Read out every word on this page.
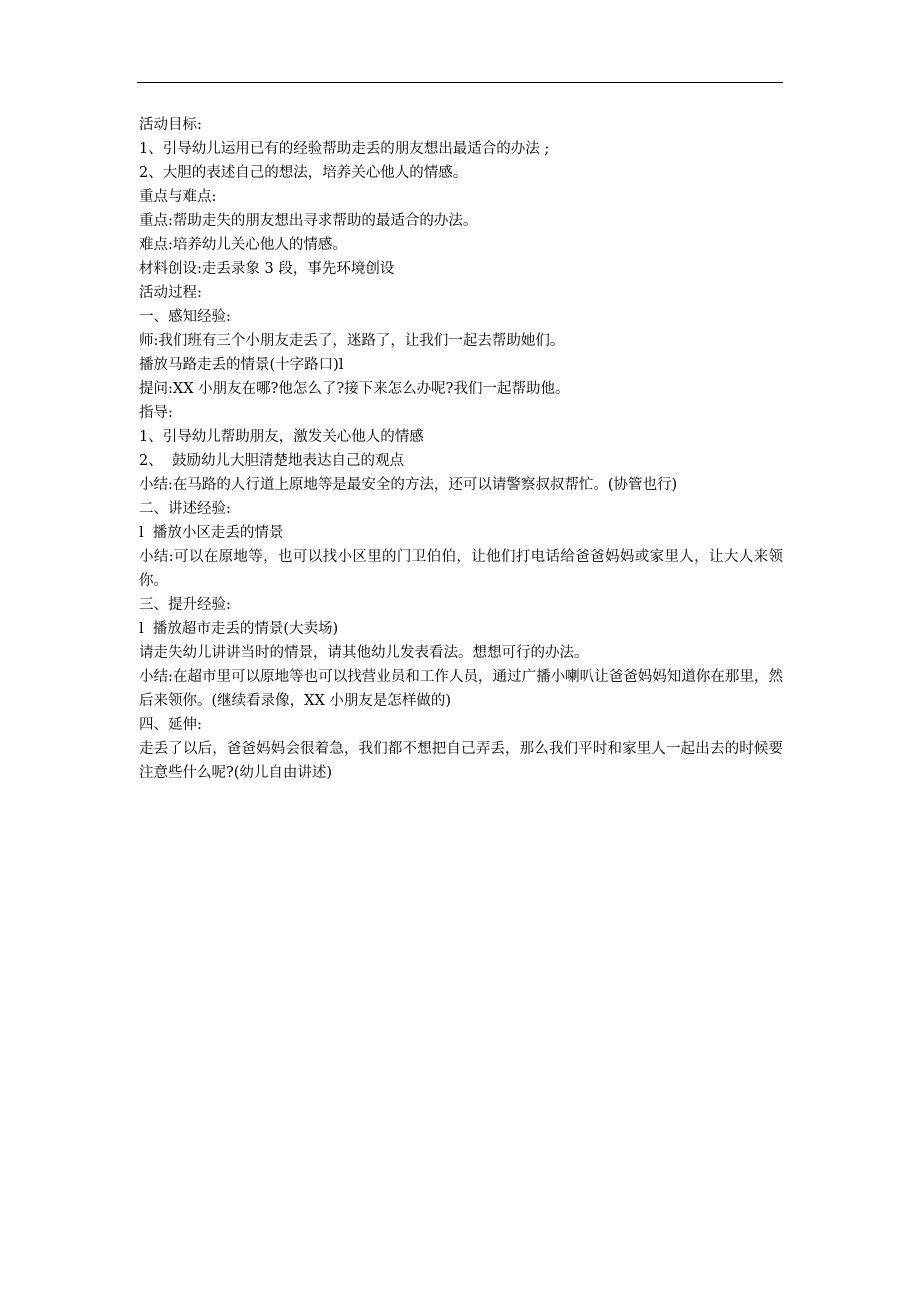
活动目标:
1、引导幼儿运用已有的经验帮助走丢的朋友想出最适合的办法 ;
2、大胆的表述自己的想法，培养关心他人的情感。
重点与难点:
重点:帮助走失的朋友想出寻求帮助的最适合的办法。
难点:培养幼儿关心他人的情感。
材料创设:走丢录象 3 段，事先环境创设
活动过程:
一、感知经验:
师:我们班有三个小朋友走丢了，迷路了，让我们一起去帮助她们。
播放马路走丢的情景(十字路口)l
提问:XX 小朋友在哪?他怎么了?接下来怎么办呢?我们一起帮助他。
指导:
1、引导幼儿帮助朋友，激发关心他人的情感
2、  鼓励幼儿大胆清楚地表达自己的观点
小结:在马路的人行道上原地等是最安全的方法，还可以请警察叔叔帮忙。(协管也行)
二、讲述经验:
l  播放小区走丢的情景
小结:可以在原地等，也可以找小区里的门卫伯伯，让他们打电话给爸爸妈妈或家里人，让大人来领你。
三、提升经验:
l  播放超市走丢的情景(大卖场)
请走失幼儿讲讲当时的情景，请其他幼儿发表看法。想想可行的办法。
小结:在超市里可以原地等也可以找营业员和工作人员，通过广播小喇叭让爸爸妈妈知道你在那里，然后来领你。(继续看录像，XX 小朋友是怎样做的)
四、延伸:
走丢了以后，爸爸妈妈会很着急，我们都不想把自己弄丢，那么我们平时和家里人一起出去的时候要注意些什么呢?(幼儿自由讲述)
